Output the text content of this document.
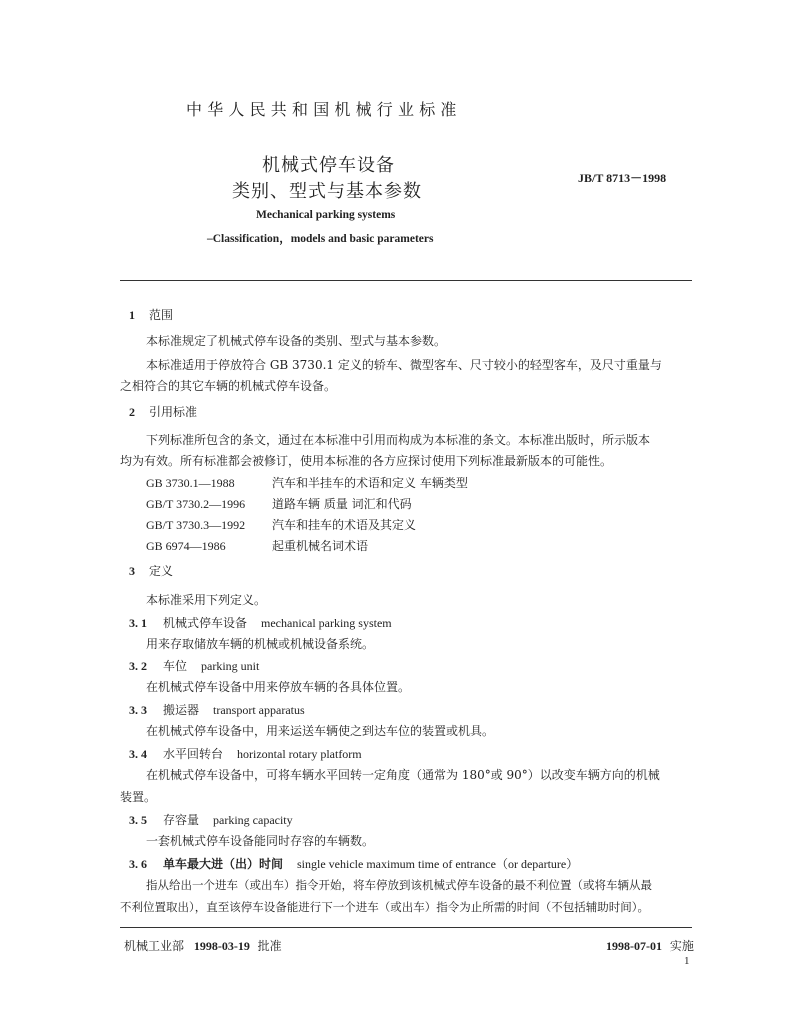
中华人民共和国机械行业标准
机械式停车设备
类别、型式与基本参数
JB/T 8713－1998
Mechanical parking systems
–Classification，models and basic parameters
1 范围
本标准规定了机械式停车设备的类别、型式与基本参数。
本标准适用于停放符合 GB 3730.1 定义的轿车、微型客车、尺寸较小的轻型客车，及尺寸重量与
之相符合的其它车辆的机械式停车设备。
2 引用标准
下列标准所包含的条文，通过在本标准中引用而构成为本标准的条文。本标准出版时，所示版本
均为有效。所有标准都会被修订，使用本标准的各方应探讨使用下列标准最新版本的可能性。
GB 3730.1—1988	汽车和半挂车的术语和定义 车辆类型
GB/T 3730.2—1996 道路车辆 质量 词汇和代码
GB/T 3730.3—1992 汽车和挂车的术语及其定义
GB 6974—1986	起重机械名词术语
3 定义
本标准采用下列定义。
3. 1 机械式停车设备 mechanical parking system
用来存取储放车辆的机械或机械设备系统。
3. 2 车位 parking unit
在机械式停车设备中用来停放车辆的各具体位置。
3. 3 搬运器 transport apparatus
在机械式停车设备中，用来运送车辆使之到达车位的装置或机具。
3. 4 水平回转台 horizontal rotary platform
在机械式停车设备中，可将车辆水平回转一定角度（通常为 180°或 90°）以改变车辆方向的机械
装置。
3. 5 存容量 parking capacity
一套机械式停车设备能同时存容的车辆数。
3. 6 单车最大进（出）时间 single vehicle maximum time of entrance（or departure）
指从给出一个进车（或出车）指令开始，将车停放到该机械式停车设备的最不利位置（或将车辆从最
不利位置取出），直至该停车设备能进行下一个进车（或出车）指令为止所需的时间（不包括辅助时间）。
机械工业部 1998-03-19 批准	1998-07-01 实施
1
